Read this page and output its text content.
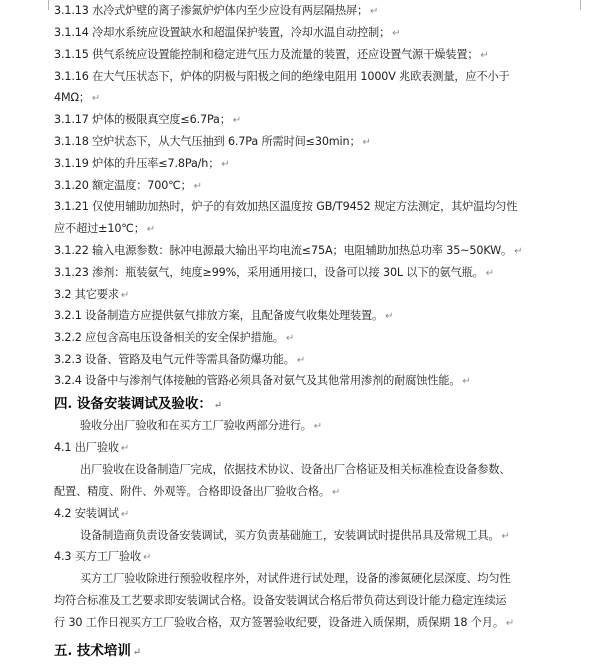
3.1.13 水冷式炉壁的离子渗氮炉炉体内至少应设有两层隔热屏； ↵
3.1.14 冷却水系统应设置缺水和超温保护装置，冷却水温自动控制； ↵
3.1.15 供气系统应设置能控制和稳定进气压力及流量的装置，还应设置气源干燥装置； ↵
3.1.16 在大气压状态下，炉体的阴极与阳极之间的绝缘电阻用 1000V 兆欧表测量，应不小于
4MΩ； ↵
3.1.17 炉体的极限真空度≤6.7Pa； ↵
3.1.18 空炉状态下，从大气压抽到 6.7Pa 所需时间≤30min； ↵
3.1.19 炉体的升压率≤7.8Pa/h； ↵
3.1.20 额定温度：700℃； ↵
3.1.21 仅使用辅助加热时，炉子的有效加热区温度按 GB/T9452 规定方法测定，其炉温均匀性
应不超过±10℃； ↵
3.1.22 输入电源参数：脉冲电源最大输出平均电流≤75A；电阻辅助加热总功率 35~50KW。 ↵
3.1.23 渗剂：瓶装氨气，纯度≥99%，采用通用接口，设备可以接 30L 以下的氨气瓶。 ↵
3.2 其它要求 ↵
3.2.1 设备制造方应提供氨气排放方案，且配备废气收集处理装置。 ↵
3.2.2 应包含高电压设备相关的安全保护措施。 ↵
3.2.3 设备、管路及电气元件等需具备防爆功能。 ↵
3.2.4 设备中与渗剂气体接触的管路必须具备对氨气及其他常用渗剂的耐腐蚀性能。 ↵
四. 设备安装调试及验收： ↵
验收分出厂验收和在买方工厂验收两部分进行。 ↵
4.1 出厂验收 ↵
出厂验收在设备制造厂完成，依据技术协议、设备出厂合格证及相关标准检查设备参数、
配置、精度、附件、外观等。合格即设备出厂验收合格。 ↵
4.2 安装调试 ↵
设备制造商负责设备安装调试，买方负责基础施工，安装调试时提供吊具及常规工具。 ↵
4.3 买方工厂验收 ↵
买方工厂验收除进行预验收程序外，对试件进行试处理，设备的渗氮硬化层深度、均匀性
均符合标准及工艺要求即安装调试合格。设备安装调试合格后带负荷达到设计能力稳定连续运
行 30 工作日视买方工厂验收合格，双方签署验收纪要，设备进入质保期，质保期 18 个月。 ↵
五. 技术培训 ↵
